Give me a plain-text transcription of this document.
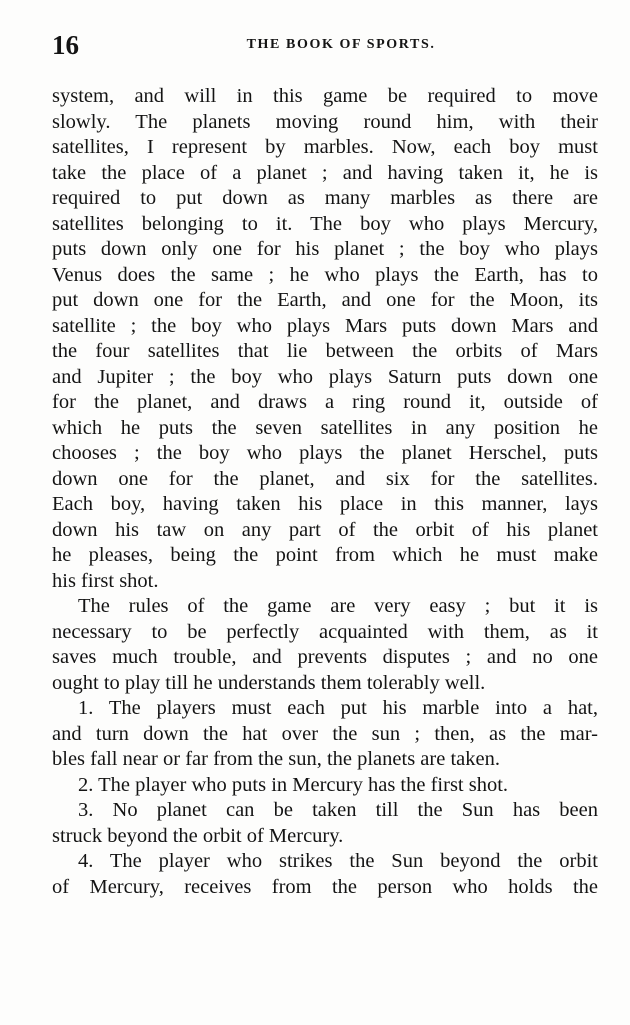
16	THE BOOK OF SPORTS.
system, and will in this game be required to move
slowly. The planets moving round him, with their
satellites, I represent by marbles. Now, each boy must
take the place of a planet ; and having taken it, he is
required to put down as many marbles as there are
satellites belonging to it. The boy who plays Mercury,
puts down only one for his planet ; the boy who plays
Venus does the same ; he who plays the Earth, has to
put down one for the Earth, and one for the Moon, its
satellite ; the boy who plays Mars puts down Mars and
the four satellites that lie between the orbits of Mars
and Jupiter ; the boy who plays Saturn puts down one
for the planet, and draws a ring round it, outside of
which he puts the seven satellites in any position he
chooses ; the boy who plays the planet Herschel, puts
down one for the planet, and six for the satellites.
Each boy, having taken his place in this manner, lays
down his taw on any part of the orbit of his planet
he pleases, being the point from which he must make
his first shot.
The rules of the game are very easy ; but it is
necessary to be perfectly acquainted with them, as it
saves much trouble, and prevents disputes ; and no one
ought to play till he understands them tolerably well.
1. The players must each put his marble into a hat,
and turn down the hat over the sun ; then, as the mar-
bles fall near or far from the sun, the planets are taken.
2. The player who puts in Mercury has the first shot.
3. No planet can be taken till the Sun has been
struck beyond the orbit of Mercury.
4. The player who strikes the Sun beyond the orbit
of Mercury, receives from the person who holds the
